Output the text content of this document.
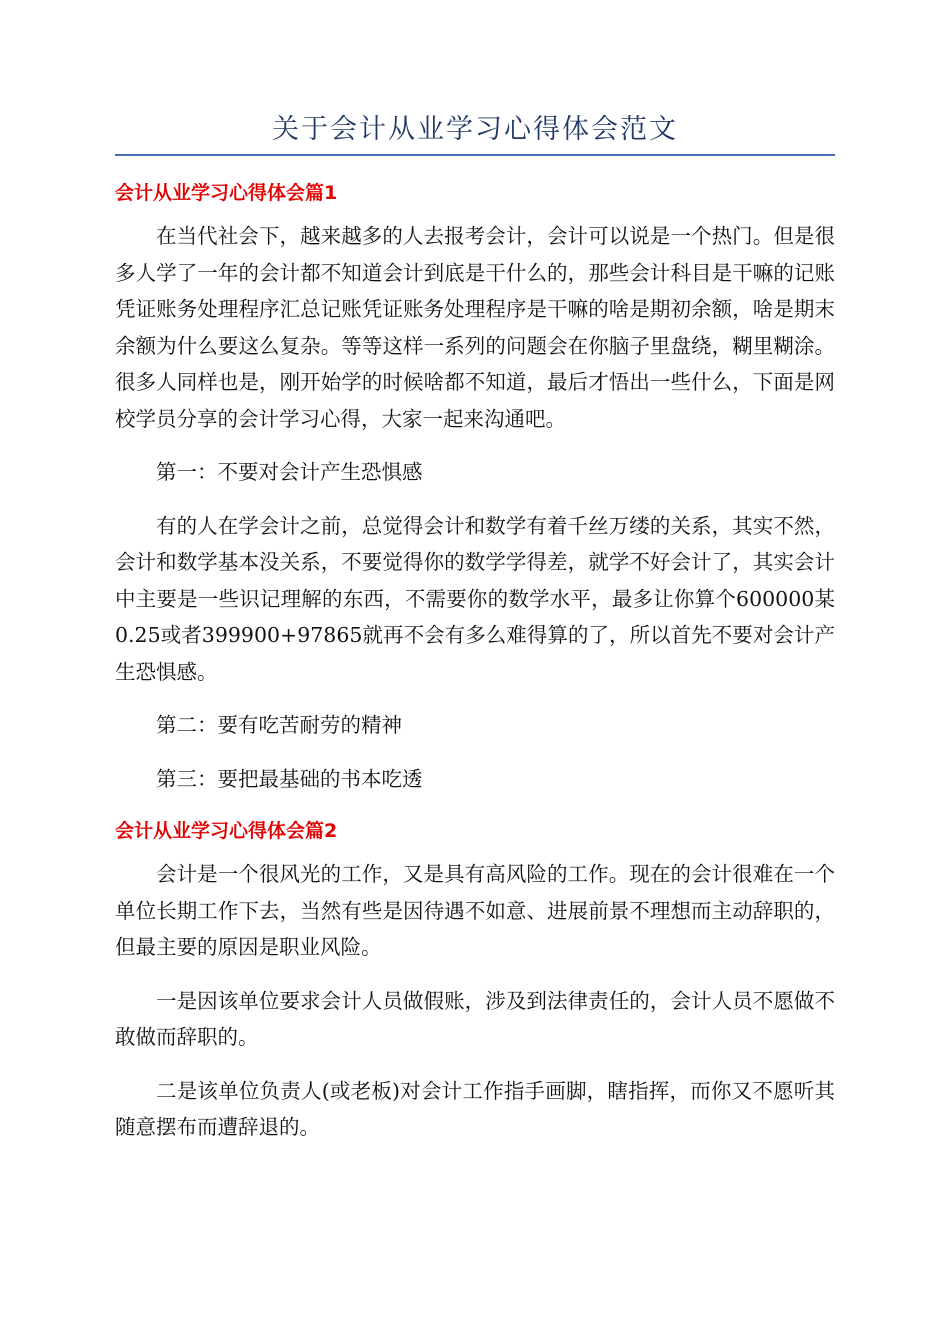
关于会计从业学习心得体会范文

会计从业学习心得体会篇1

在当代社会下，越来越多的人去报考会计，会计可以说是一个热门。但是很多人学了一年的会计都不知道会计到底是干什么的，那些会计科目是干嘛的记账凭证账务处理程序汇总记账凭证账务处理程序是干嘛的啥是期初余额，啥是期末余额为什么要这么复杂。等等这样一系列的问题会在你脑子里盘绕，糊里糊涂。很多人同样也是，刚开始学的时候啥都不知道，最后才悟出一些什么，下面是网校学员分享的会计学习心得，大家一起来沟通吧。

第一：不要对会计产生恐惧感

有的人在学会计之前，总觉得会计和数学有着千丝万缕的关系，其实不然，会计和数学基本没关系，不要觉得你的数学学得差，就学不好会计了，其实会计中主要是一些识记理解的东西，不需要你的数学水平，最多让你算个600000某0.25或者399900+97865就再不会有多么难得算的了，所以首先不要对会计产生恐惧感。

第二：要有吃苦耐劳的精神

第三：要把最基础的书本吃透

会计从业学习心得体会篇2

会计是一个很风光的工作，又是具有高风险的工作。现在的会计很难在一个单位长期工作下去，当然有些是因待遇不如意、进展前景不理想而主动辞职的，但最主要的原因是职业风险。

一是因该单位要求会计人员做假账，涉及到法律责任的，会计人员不愿做不敢做而辞职的。

二是该单位负责人(或老板)对会计工作指手画脚，瞎指挥，而你又不愿听其随意摆布而遭辞退的。
